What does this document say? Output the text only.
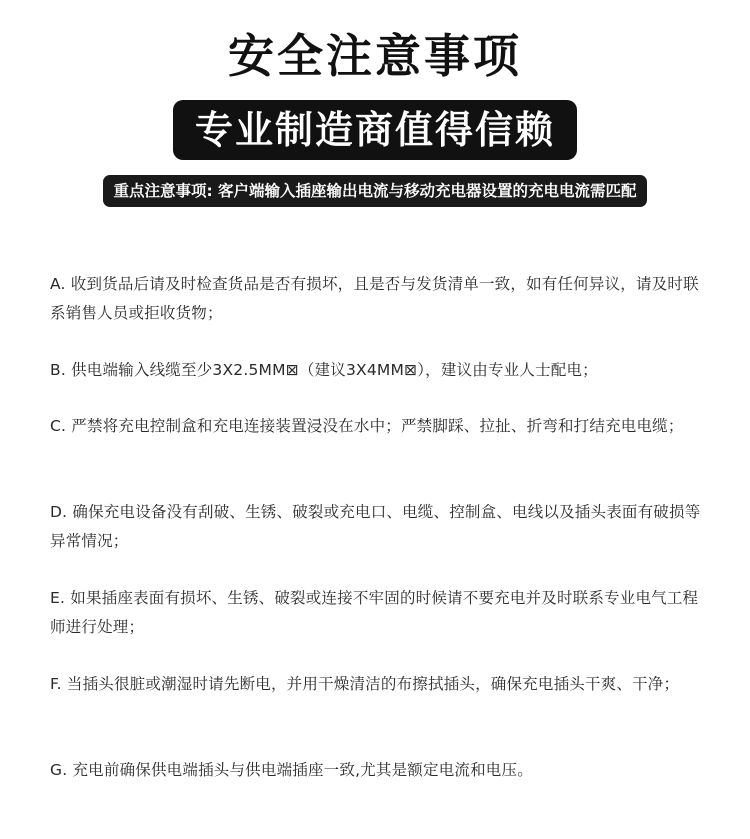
安全注意事项
专业制造商值得信赖
重点注意事项: 客户端输入插座输出电流与移动充电器设置的充电电流需匹配
A. 收到货品后请及时检查货品是否有损坏，且是否与发货清单一致，如有任何异议，请及时联系销售人员或拒收货物；
B. 供电端输入线缆至少3X2.5MM⊠（建议3X4MM⊠），建议由专业人士配电；
C. 严禁将充电控制盒和充电连接装置浸没在水中；严禁脚踩、拉扯、折弯和打结充电电缆；
D. 确保充电设备没有刮破、生锈、破裂或充电口、电缆、控制盒、电线以及插头表面有破损等异常情况；
E. 如果插座表面有损坏、生锈、破裂或连接不牢固的时候请不要充电并及时联系专业电气工程师进行处理；
F. 当插头很脏或潮湿时请先断电，并用干燥清洁的布擦拭插头，确保充电插头干爽、干净；
G. 充电前确保供电端插头与供电端插座一致,尤其是额定电流和电压。
